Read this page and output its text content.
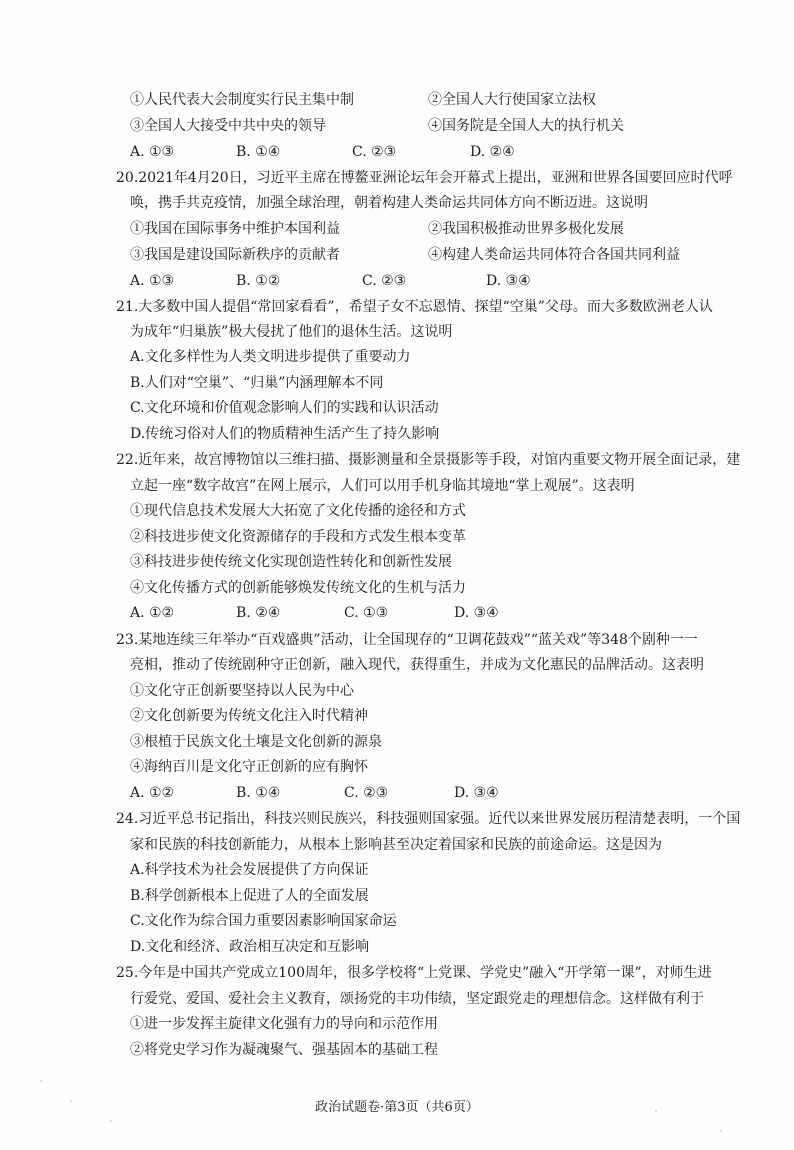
①人民代表大会制度实行民主集中制	②全国人大行使国家立法权
③全国人大接受中共中央的领导	④国务院是全国人大的执行机关
A. ①③	B. ①④	C. ②③	D. ②④
20.2021年4月20日，习近平主席在博鳌亚洲论坛年会开幕式上提出，亚洲和世界各国要回应时代呼
唤，携手共克疫情，加强全球治理，朝着构建人类命运共同体方向不断迈进。这说明
①我国在国际事务中维护本国利益	②我国积极推动世界多极化发展
③我国是建设国际新秩序的贡献者	④构建人类命运共同体符合各国共同利益
A. ①③	B. ①②	C. ②③	D. ③④
21.大多数中国人提倡“常回家看看”，希望子女不忘恩情、探望“空巢”父母。而大多数欧洲老人认
为成年“归巢族”极大侵扰了他们的退休生活。这说明
A.文化多样性为人类文明进步提供了重要动力
B.人们对“空巢”、“归巢”内涵理解本不同
C.文化环境和价值观念影响人们的实践和认识活动
D.传统习俗对人们的物质精神生活产生了持久影响
22.近年来，故宫博物馆以三维扫描、摄影测量和全景摄影等手段，对馆内重要文物开展全面记录，建
立起一座“数字故宫”在网上展示，人们可以用手机身临其境地“掌上观展”。这表明
①现代信息技术发展大大拓宽了文化传播的途径和方式
②科技进步使文化资源储存的手段和方式发生根本变革
③科技进步使传统文化实现创造性转化和创新性发展
④文化传播方式的创新能够焕发传统文化的生机与活力
A. ①②	B. ②④	C. ①③	D. ③④
23.某地连续三年举办“百戏盛典”活动，让全国现存的“卫调花鼓戏”“蓝关戏”等348个剧种一一
亮相，推动了传统剧种守正创新，融入现代，获得重生，并成为文化惠民的品牌活动。这表明
①文化守正创新要坚持以人民为中心
②文化创新要为传统文化注入时代精神
③根植于民族文化土壤是文化创新的源泉
④海纳百川是文化守正创新的应有胸怀
A. ①②	B. ①④	C. ②③	D. ③④
24.习近平总书记指出，科技兴则民族兴，科技强则国家强。近代以来世界发展历程清楚表明，一个国
家和民族的科技创新能力，从根本上影响甚至决定着国家和民族的前途命运。这是因为
A.科学技术为社会发展提供了方向保证
B.科学创新根本上促进了人的全面发展
C.文化作为综合国力重要因素影响国家命运
D.文化和经济、政治相互决定和互影响
25.今年是中国共产党成立100周年，很多学校将“上党课、学党史”融入“开学第一课”，对师生进
行爱党、爱国、爱社会主义教育，颂扬党的丰功伟绩，坚定跟党走的理想信念。这样做有利于
①进一步发挥主旋律文化强有力的导向和示范作用
②将党史学习作为凝魂聚气、强基固本的基础工程
政治试题卷·第3页（共6页）
